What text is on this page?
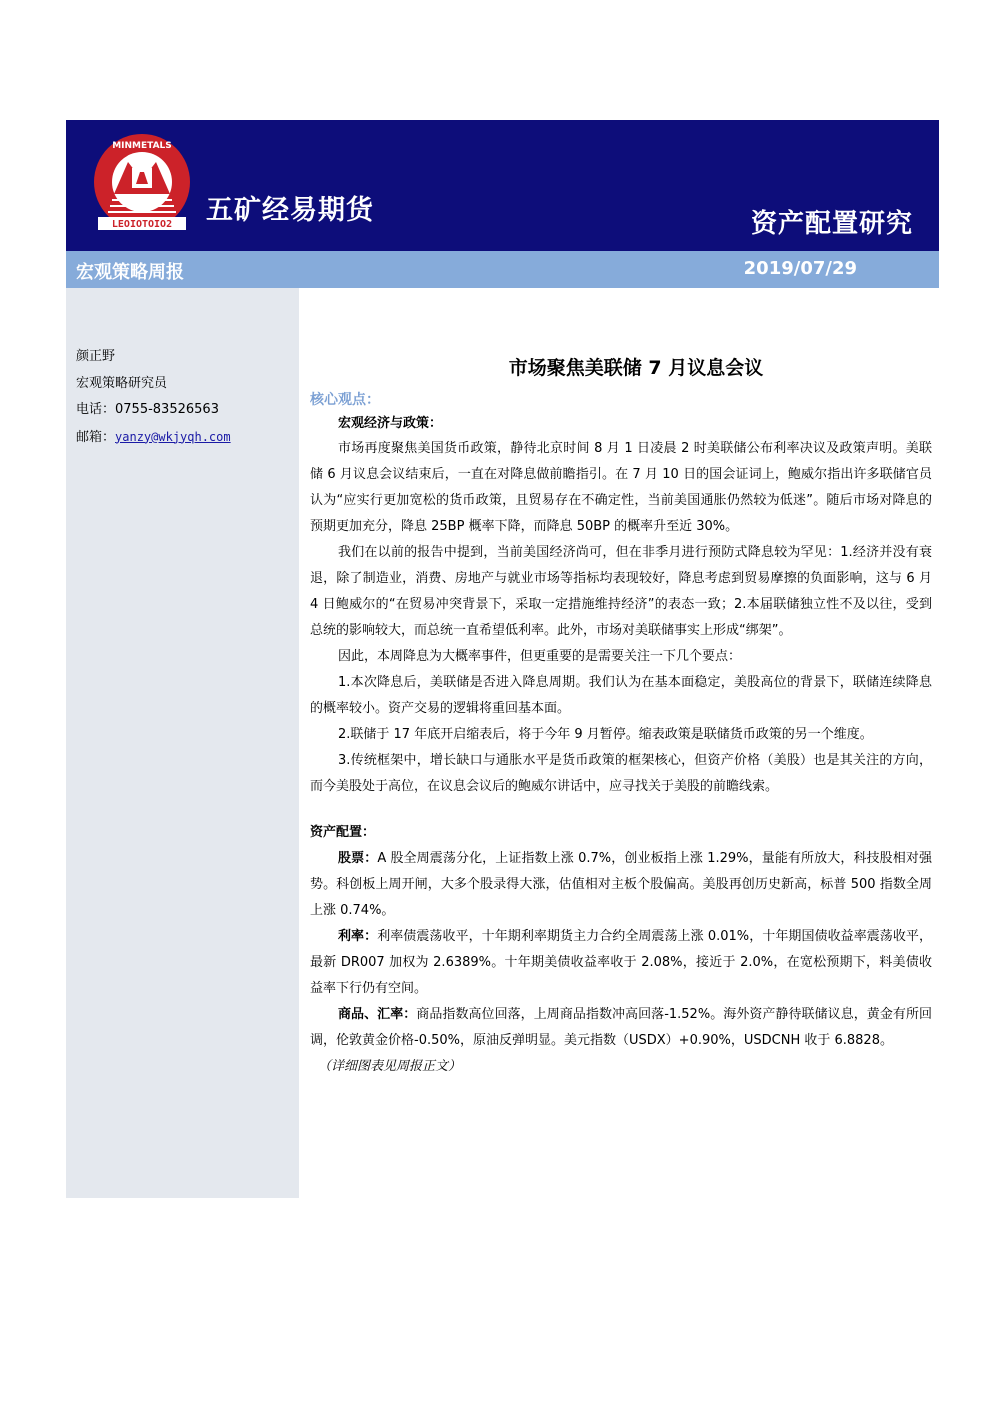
LEOIOTOIO2
MINMETALS
五矿经易期货	资产配置研究
宏观策略周报	2019/07/29
颜正野
宏观策略研究员
电话：0755-83526563
邮箱：yanzy@wkjyqh.com
市场聚焦美联储 7 月议息会议
核心观点：
宏观经济与政策：

市场再度聚焦美国货币政策，静待北京时间 8 月 1 日凌晨 2 时美联储公布利率决议及政策声明。美联储 6 月议息会议结束后，一直在对降息做前瞻指引。在 7 月 10 日的国会证词上，鲍威尔指出许多联储官员认为“应实行更加宽松的货币政策，且贸易存在不确定性，当前美国通胀仍然较为低迷”。随后市场对降息的预期更加充分，降息 25BP 概率下降，而降息 50BP 的概率升至近 30%。

我们在以前的报告中提到，当前美国经济尚可，但在非季月进行预防式降息较为罕见：1.经济并没有衰退，除了制造业，消费、房地产与就业市场等指标均表现较好，降息考虑到贸易摩擦的负面影响，这与 6 月 4 日鲍威尔的“在贸易冲突背景下，采取一定措施维持经济”的表态一致；2.本届联储独立性不及以往，受到总统的影响较大，而总统一直希望低利率。此外，市场对美联储事实上形成“绑架”。

因此，本周降息为大概率事件，但更重要的是需要关注一下几个要点：

1.本次降息后，美联储是否进入降息周期。我们认为在基本面稳定，美股高位的背景下，联储连续降息的概率较小。资产交易的逻辑将重回基本面。

2.联储于 17 年底开启缩表后，将于今年 9 月暂停。缩表政策是联储货币政策的另一个维度。

3.传统框架中，增长缺口与通胀水平是货币政策的框架核心，但资产价格（美股）也是其关注的方向，而今美股处于高位，在议息会议后的鲍威尔讲话中，应寻找关于美股的前瞻线索。

资产配置：

股票：A 股全周震荡分化，上证指数上涨 0.7%，创业板指上涨 1.29%，量能有所放大，科技股相对强势。科创板上周开闸，大多个股录得大涨，估值相对主板个股偏高。美股再创历史新高，标普 500 指数全周上涨 0.74%。

利率：利率债震荡收平，十年期利率期货主力合约全周震荡上涨 0.01%，十年期国债收益率震荡收平，最新 DR007 加权为 2.6389%。十年期美债收益率收于 2.08%，接近于 2.0%，在宽松预期下，料美债收益率下行仍有空间。

商品、汇率：商品指数高位回落，上周商品指数冲高回落-1.52%。海外资产静待联储议息，黄金有所回调，伦敦黄金价格-0.50%，原油反弹明显。美元指数（USDX）+0.90%，USDCNH 收于 6.8828。

（详细图表见周报正文）
